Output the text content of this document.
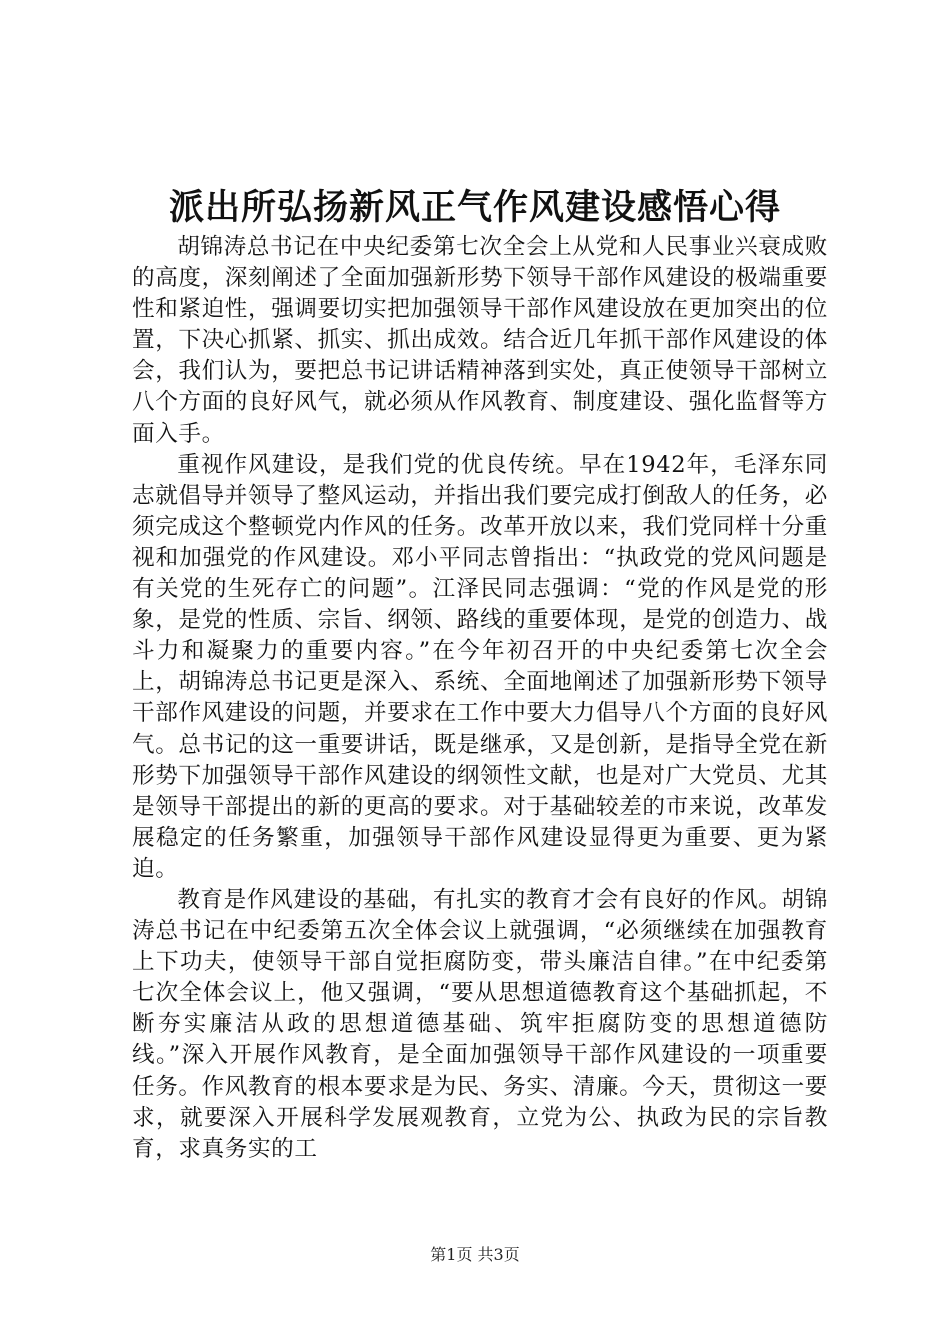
派出所弘扬新风正气作风建设感悟心得

胡锦涛总书记在中央纪委第七次全会上从党和人民事业兴衰成败的高度，深刻阐述了全面加强新形势下领导干部作风建设的极端重要性和紧迫性，强调要切实把加强领导干部作风建设放在更加突出的位置，下决心抓紧、抓实、抓出成效。结合近几年抓干部作风建设的体会，我们认为，要把总书记讲话精神落到实处，真正使领导干部树立八个方面的良好风气，就必须从作风教育、制度建设、强化监督等方面入手。

重视作风建设，是我们党的优良传统。早在1942年，毛泽东同志就倡导并领导了整风运动，并指出我们要完成打倒敌人的任务，必须完成这个整顿党内作风的任务。改革开放以来，我们党同样十分重视和加强党的作风建设。邓小平同志曾指出：“执政党的党风问题是有关党的生死存亡的问题”。江泽民同志强调：“党的作风是党的形象，是党的性质、宗旨、纲领、路线的重要体现，是党的创造力、战斗力和凝聚力的重要内容。”在今年初召开的中央纪委第七次全会上，胡锦涛总书记更是深入、系统、全面地阐述了加强新形势下领导干部作风建设的问题，并要求在工作中要大力倡导八个方面的良好风气。总书记的这一重要讲话，既是继承，又是创新，是指导全党在新形势下加强领导干部作风建设的纲领性文献，也是对广大党员、尤其是领导干部提出的新的更高的要求。对于基础较差的市来说，改革发展稳定的任务繁重，加强领导干部作风建设显得更为重要、更为紧迫。

教育是作风建设的基础，有扎实的教育才会有良好的作风。胡锦涛总书记在中纪委第五次全体会议上就强调，“必须继续在加强教育上下功夫，使领导干部自觉拒腐防变，带头廉洁自律。”在中纪委第七次全体会议上，他又强调，“要从思想道德教育这个基础抓起，不断夯实廉洁从政的思想道德基础、筑牢拒腐防变的思想道德防线。”深入开展作风教育，是全面加强领导干部作风建设的一项重要任务。作风教育的根本要求是为民、务实、清廉。今天，贯彻这一要求，就要深入开展科学发展观教育，立党为公、执政为民的宗旨教育，求真务实的工

第1页 共3页
